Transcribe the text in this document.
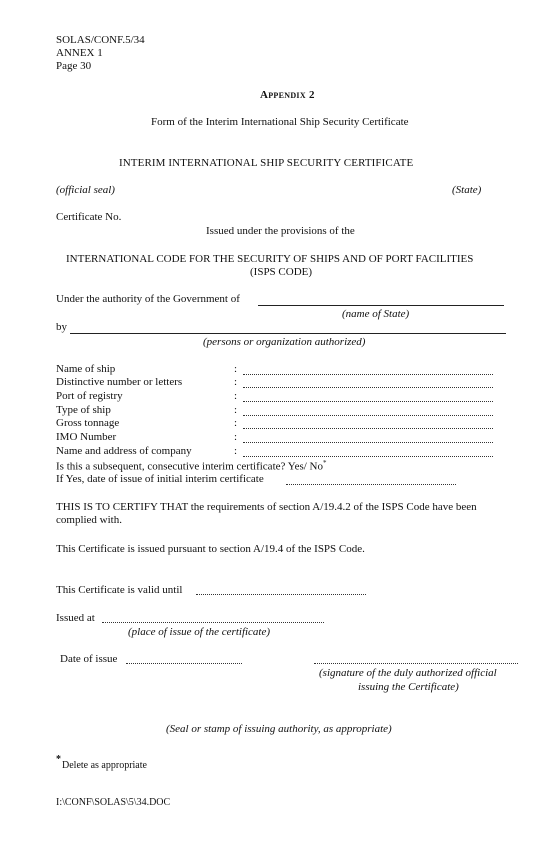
SOLAS/CONF.5/34
ANNEX 1
Page 30
Appendix 2
Form of the Interim International Ship Security Certificate
INTERIM INTERNATIONAL SHIP SECURITY CERTIFICATE
(official seal)	(State)
Certificate No.
Issued under the provisions of the
INTERNATIONAL CODE FOR THE SECURITY OF SHIPS AND OF PORT FACILITIES
(ISPS CODE)
Under the authority of the Government of
(name of State)
by
(persons or organization authorized)
Name of ship
Distinctive number or letters
Port of registry
Type of ship
Gross tonnage
IMO Number
Name and address of company
:
:
:
:
:
:
:
Is this a subsequent, consecutive interim certificate? Yes/ No*
If Yes, date of issue of initial interim certificate
THIS IS TO CERTIFY THAT the requirements of section A/19.4.2 of the ISPS Code have been
complied with.
This Certificate is issued pursuant to section A/19.4 of the ISPS Code.
This Certificate is valid until
Issued at
(place of issue of the certificate)
Date of issue
(signature of the duly authorized official
issuing the Certificate)
(Seal or stamp of issuing authority, as appropriate)
*
Delete as appropriate
I:\CONF\SOLAS\5\34.DOC
